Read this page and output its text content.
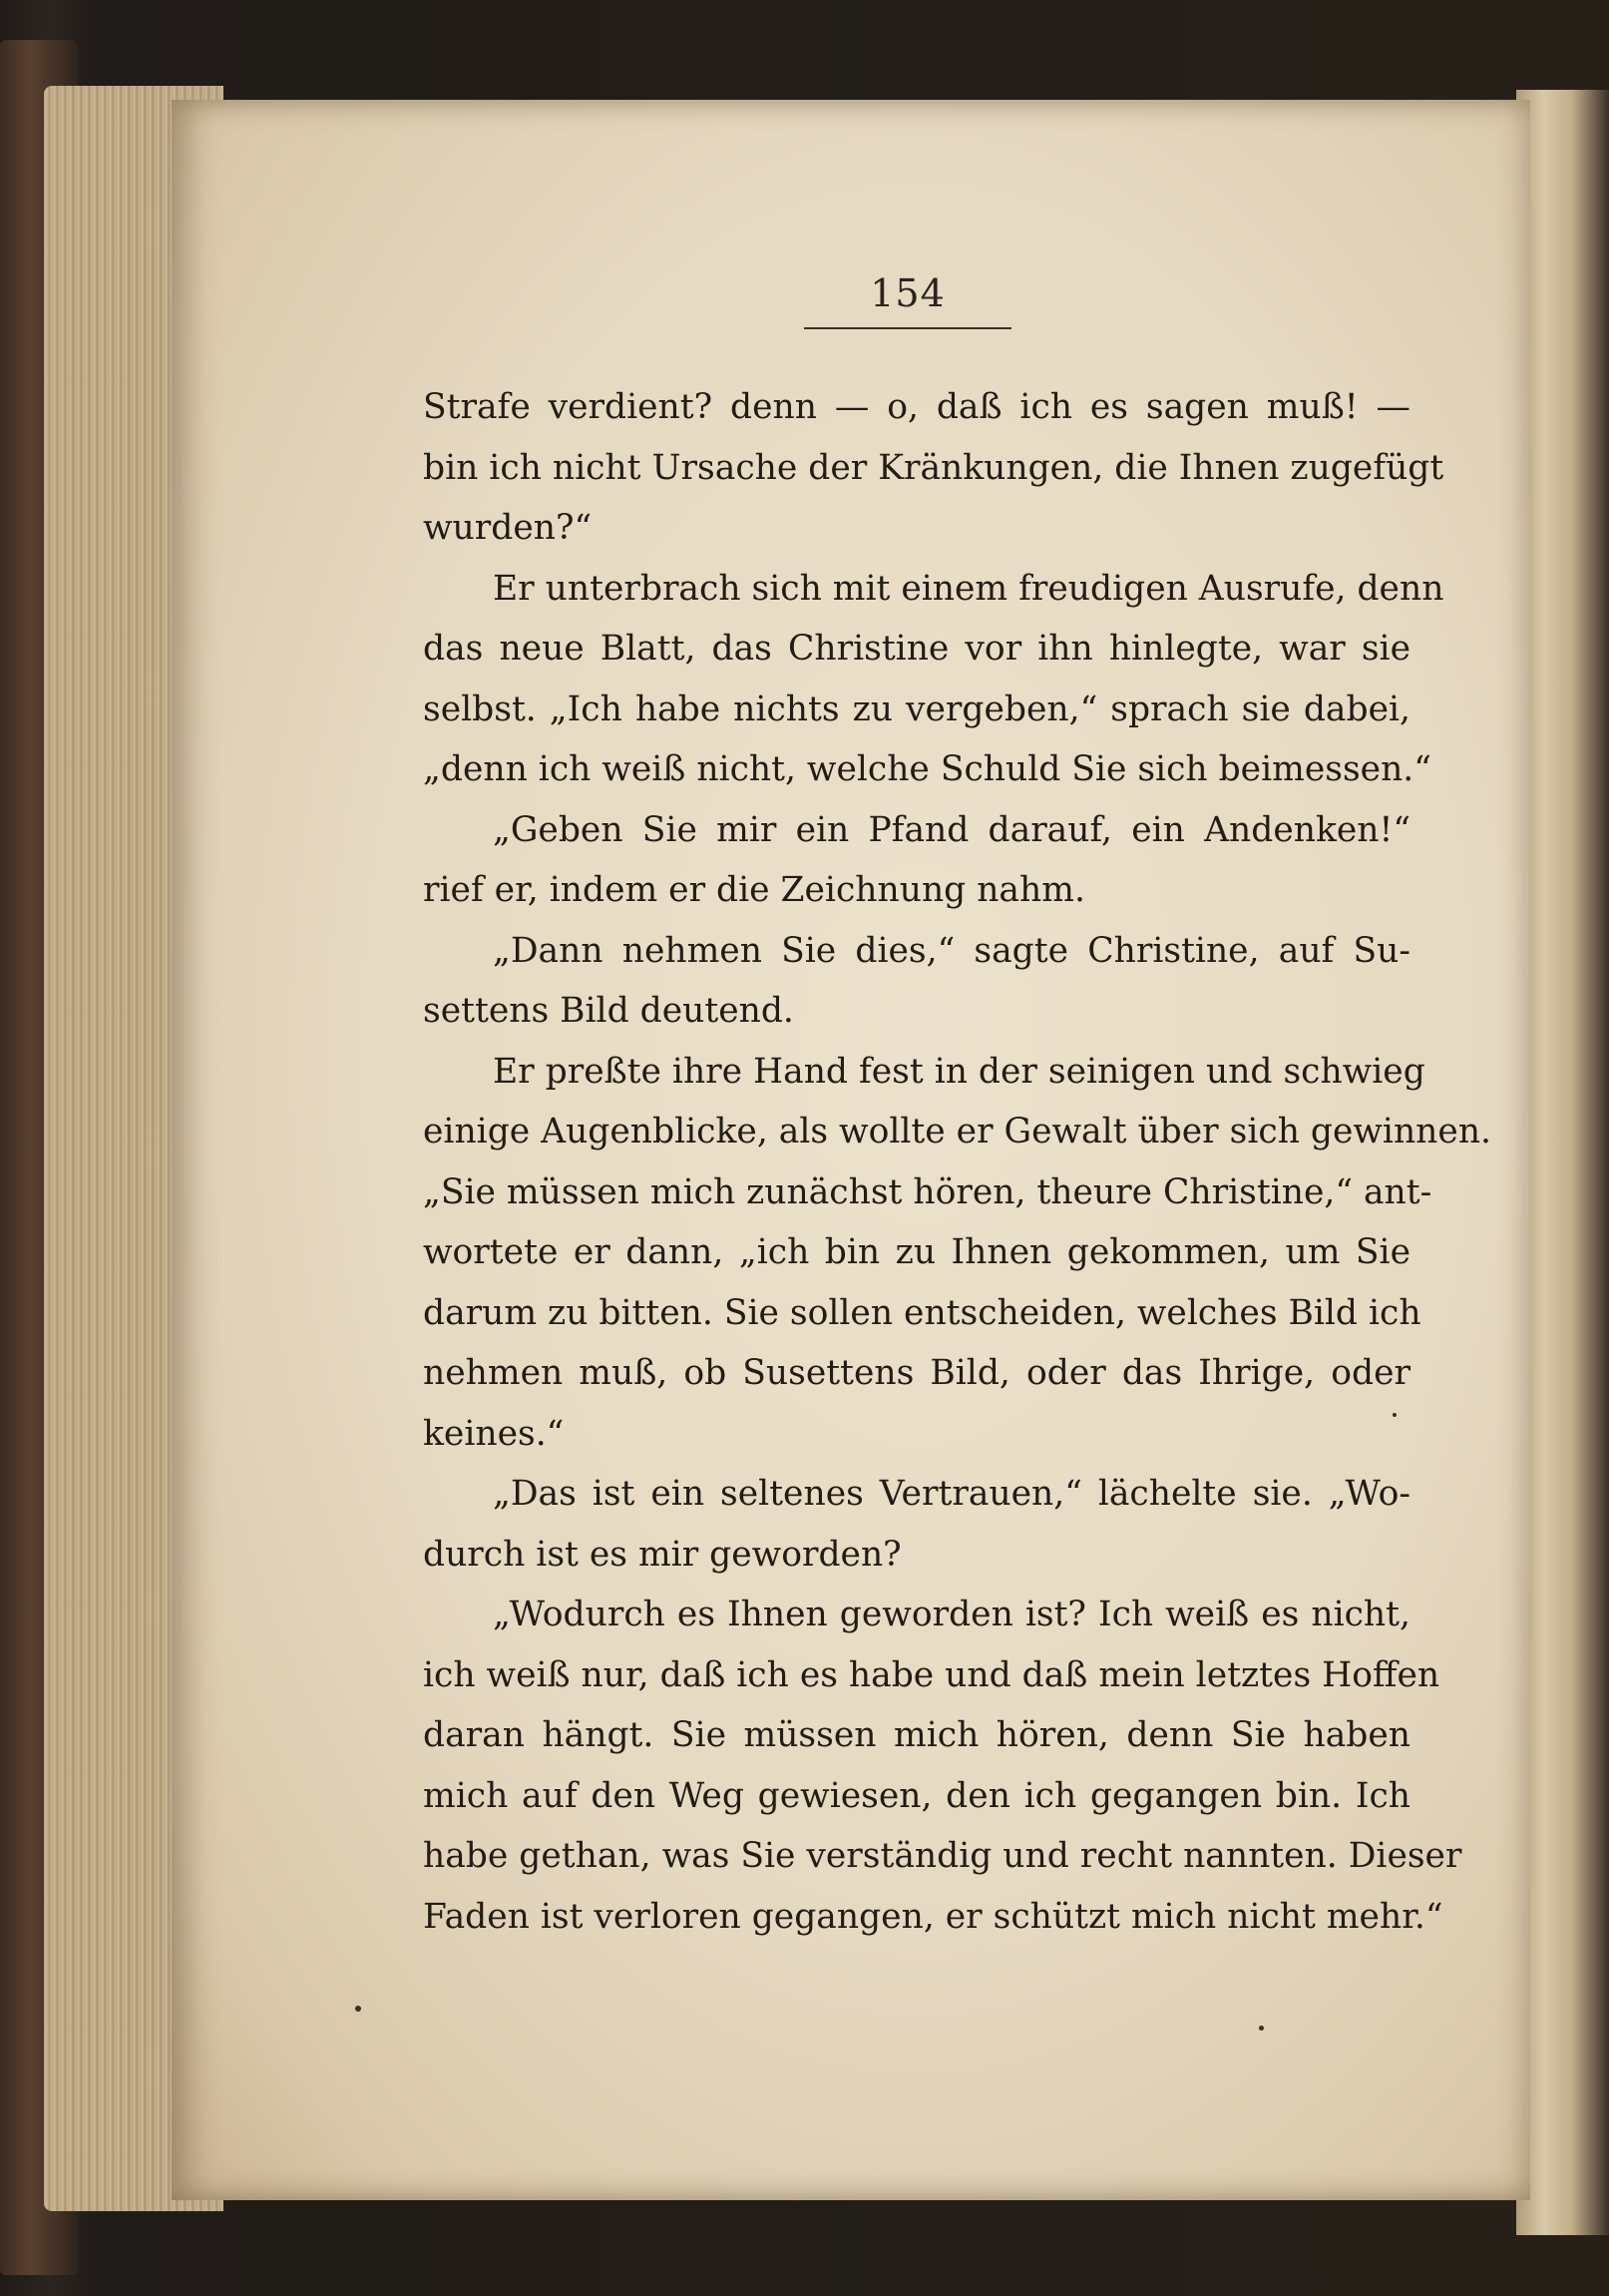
154
Strafe verdient? denn — o, daß ich es sagen muß! —
bin ich nicht Ursache der Kränkungen, die Ihnen zugefügt
wurden?“
Er unterbrach sich mit einem freudigen Ausrufe, denn
das neue Blatt, das Christine vor ihn hinlegte, war sie
selbst. „Ich habe nichts zu vergeben,“ sprach sie dabei,
„denn ich weiß nicht, welche Schuld Sie sich beimessen.“
„Geben Sie mir ein Pfand darauf, ein Andenken!“
rief er, indem er die Zeichnung nahm.
„Dann nehmen Sie dies,“ sagte Christine, auf Su-
settens Bild deutend.
Er preßte ihre Hand fest in der seinigen und schwieg
einige Augenblicke, als wollte er Gewalt über sich gewinnen.
„Sie müssen mich zunächst hören, theure Christine,“ ant-
wortete er dann, „ich bin zu Ihnen gekommen, um Sie
darum zu bitten. Sie sollen entscheiden, welches Bild ich
nehmen muß, ob Susettens Bild, oder das Ihrige, oder
keines.“
„Das ist ein seltenes Vertrauen,“ lächelte sie. „Wo-
durch ist es mir geworden?
„Wodurch es Ihnen geworden ist? Ich weiß es nicht,
ich weiß nur, daß ich es habe und daß mein letztes Hoffen
daran hängt. Sie müssen mich hören, denn Sie haben
mich auf den Weg gewiesen, den ich gegangen bin. Ich
habe gethan, was Sie verständig und recht nannten. Dieser
Faden ist verloren gegangen, er schützt mich nicht mehr.“
